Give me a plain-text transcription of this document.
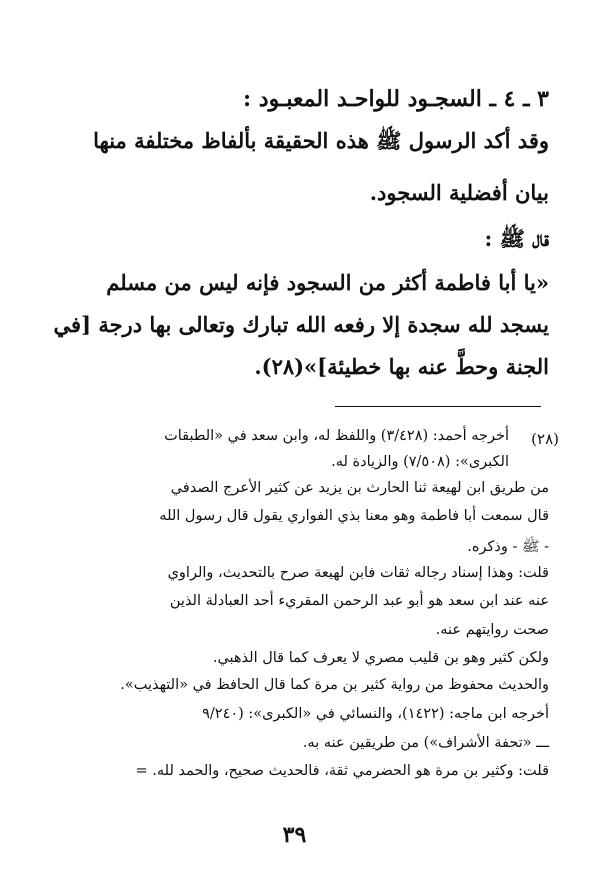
٣ ـ ٤ ـ السجـود للواحـد المعبـود :
وقد أكد الرسول ﷺ هذه الحقيقة بألفاظ مختلفة منها
بيان أفضلية السجود.
قال ﷺ :
«يا أبا فاطمة أكثر من السجود فإنه ليس من مسلم
يسجد لله سجدة إلا رفعه الله تبارك وتعالى بها درجة [في
الجنة وحطَّ عنه بها خطيئة]»(٢٨).
(٢٨)
أخرجه أحمد: (٣/٤٢٨) واللفظ له، وابن سعد في «الطبقات
الكبرى»: (٧/٥٠٨) والزيادة له.
من طريق ابن لهيعة ثنا الحارث بن يزيد عن كثير الأعرج الصدفي
قال سمعت أبا فاطمة وهو معنا بذي الفواري يقول قال رسول الله
- ﷺ - وذكره.
قلت: وهذا إسناد رجاله ثقات فابن لهيعة صرح بالتحديث، والراوي
عنه عند ابن سعد هو أبو عبد الرحمن المقريء أحد العبادلة الذين
صحت روايتهم عنه.
ولكن كثير وهو بن قليب مصري لا يعرف كما قال الذهبي.
والحديث محفوظ من رواية كثير بن مرة كما قال الحافظ في «التهذيب».
أخرجه ابن ماجه: (١٤٢٢)، والنسائي في «الكبرى»: (٩/٢٤٠
ـــ «تحفة الأشراف») من طريقين عنه به.
قلت: وكثير بن مرة هو الحضرمي ثقة، فالحديث صحيح، والحمد لله. =
٣٩
